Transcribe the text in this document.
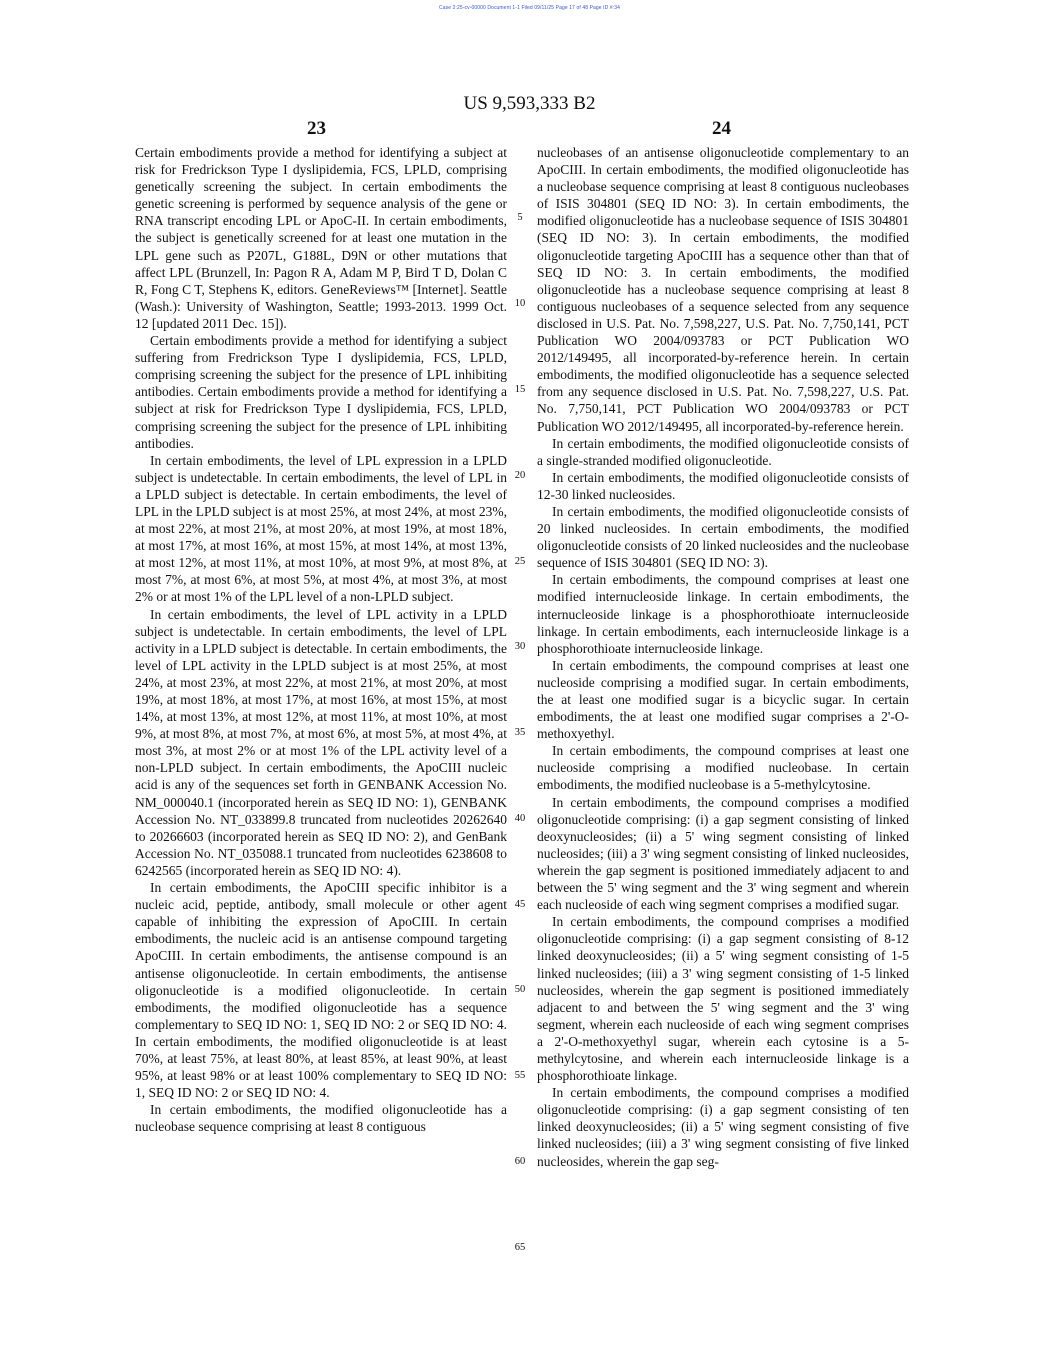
Case 2:25-cv-00000 Document 1-1 Filed 09/11/25 Page 17 of 48 Page ID #:34
US 9,593,333 B2
23	24

Certain embodiments provide a method for identifying a subject at risk for Fredrickson Type I dyslipidemia, FCS, LPLD, comprising genetically screening the subject. In certain embodiments the genetic screening is performed by sequence analysis of the gene or RNA transcript encoding LPL or ApoC-II. In certain embodiments, the subject is genetically screened for at least one mutation in the LPL gene such as P207L, G188L, D9N or other mutations that affect LPL (Brunzell, In: Pagon R A, Adam M P, Bird T D, Dolan C R, Fong C T, Stephens K, editors. GeneReviews™ [Internet]. Seattle (Wash.): University of Washington, Seattle; 1993-2013. 1999 Oct. 12 [updated 2011 Dec. 15]).

Certain embodiments provide a method for identifying a subject suffering from Fredrickson Type I dyslipidemia, FCS, LPLD, comprising screening the subject for the presence of LPL inhibiting antibodies. Certain embodiments provide a method for identifying a subject at risk for Fredrickson Type I dyslipidemia, FCS, LPLD, comprising screening the subject for the presence of LPL inhibiting antibodies.

In certain embodiments, the level of LPL expression in a LPLD subject is undetectable. In certain embodiments, the level of LPL in a LPLD subject is detectable. In certain embodiments, the level of LPL in the LPLD subject is at most 25%, at most 24%, at most 23%, at most 22%, at most 21%, at most 20%, at most 19%, at most 18%, at most 17%, at most 16%, at most 15%, at most 14%, at most 13%, at most 12%, at most 11%, at most 10%, at most 9%, at most 8%, at most 7%, at most 6%, at most 5%, at most 4%, at most 3%, at most 2% or at most 1% of the LPL level of a non-LPLD subject.

In certain embodiments, the level of LPL activity in a LPLD subject is undetectable. In certain embodiments, the level of LPL activity in a LPLD subject is detectable. In certain embodiments, the level of LPL activity in the LPLD subject is at most 25%, at most 24%, at most 23%, at most 22%, at most 21%, at most 20%, at most 19%, at most 18%, at most 17%, at most 16%, at most 15%, at most 14%, at most 13%, at most 12%, at most 11%, at most 10%, at most 9%, at most 8%, at most 7%, at most 6%, at most 5%, at most 4%, at most 3%, at most 2% or at most 1% of the LPL activity level of a non-LPLD subject. In certain embodiments, the ApoCIII nucleic acid is any of the sequences set forth in GENBANK Accession No. NM_000040.1 (incorporated herein as SEQ ID NO: 1), GENBANK Accession No. NT_033899.8 truncated from nucleotides 20262640 to 20266603 (incorporated herein as SEQ ID NO: 2), and GenBank Accession No. NT_035088.1 truncated from nucleotides 6238608 to 6242565 (incorporated herein as SEQ ID NO: 4).

In certain embodiments, the ApoCIII specific inhibitor is a nucleic acid, peptide, antibody, small molecule or other agent capable of inhibiting the expression of ApoCIII. In certain embodiments, the nucleic acid is an antisense compound targeting ApoCIII. In certain embodiments, the antisense compound is an antisense oligonucleotide. In certain embodiments, the antisense oligonucleotide is a modified oligonucleotide. In certain embodiments, the modified oligonucleotide has a sequence complementary to SEQ ID NO: 1, SEQ ID NO: 2 or SEQ ID NO: 4. In certain embodiments, the modified oligonucleotide is at least 70%, at least 75%, at least 80%, at least 85%, at least 90%, at least 95%, at least 98% or at least 100% complementary to SEQ ID NO: 1, SEQ ID NO: 2 or SEQ ID NO: 4.

In certain embodiments, the modified oligonucleotide has a nucleobase sequence comprising at least 8 contiguous

5
10
15
20
25
30
35
40
45
50
55
60
65

nucleobases of an antisense oligonucleotide complementary to an ApoCIII. In certain embodiments, the modified oligonucleotide has a nucleobase sequence comprising at least 8 contiguous nucleobases of ISIS 304801 (SEQ ID NO: 3). In certain embodiments, the modified oligonucleotide has a nucleobase sequence of ISIS 304801 (SEQ ID NO: 3). In certain embodiments, the modified oligonucleotide targeting ApoCIII has a sequence other than that of SEQ ID NO: 3. In certain embodiments, the modified oligonucleotide has a nucleobase sequence comprising at least 8 contiguous nucleobases of a sequence selected from any sequence disclosed in U.S. Pat. No. 7,598,227, U.S. Pat. No. 7,750,141, PCT Publication WO 2004/093783 or PCT Publication WO 2012/149495, all incorporated-by-reference herein. In certain embodiments, the modified oligonucleotide has a sequence selected from any sequence disclosed in U.S. Pat. No. 7,598,227, U.S. Pat. No. 7,750,141, PCT Publication WO 2004/093783 or PCT Publication WO 2012/149495, all incorporated-by-reference herein.

In certain embodiments, the modified oligonucleotide consists of a single-stranded modified oligonucleotide.

In certain embodiments, the modified oligonucleotide consists of 12-30 linked nucleosides.

In certain embodiments, the modified oligonucleotide consists of 20 linked nucleosides. In certain embodiments, the modified oligonucleotide consists of 20 linked nucleosides and the nucleobase sequence of ISIS 304801 (SEQ ID NO: 3).

In certain embodiments, the compound comprises at least one modified internucleoside linkage. In certain embodiments, the internucleoside linkage is a phosphorothioate internucleoside linkage. In certain embodiments, each internucleoside linkage is a phosphorothioate internucleoside linkage.

In certain embodiments, the compound comprises at least one nucleoside comprising a modified sugar. In certain embodiments, the at least one modified sugar is a bicyclic sugar. In certain embodiments, the at least one modified sugar comprises a 2'-O-methoxyethyl.

In certain embodiments, the compound comprises at least one nucleoside comprising a modified nucleobase. In certain embodiments, the modified nucleobase is a 5-methylcytosine.

In certain embodiments, the compound comprises a modified oligonucleotide comprising: (i) a gap segment consisting of linked deoxynucleosides; (ii) a 5' wing segment consisting of linked nucleosides; (iii) a 3' wing segment consisting of linked nucleosides, wherein the gap segment is positioned immediately adjacent to and between the 5' wing segment and the 3' wing segment and wherein each nucleoside of each wing segment comprises a modified sugar.

In certain embodiments, the compound comprises a modified oligonucleotide comprising: (i) a gap segment consisting of 8-12 linked deoxynucleosides; (ii) a 5' wing segment consisting of 1-5 linked nucleosides; (iii) a 3' wing segment consisting of 1-5 linked nucleosides, wherein the gap segment is positioned immediately adjacent to and between the 5' wing segment and the 3' wing segment, wherein each nucleoside of each wing segment comprises a 2'-O-methoxyethyl sugar, wherein each cytosine is a 5-methylcytosine, and wherein each internucleoside linkage is a phosphorothioate linkage.

In certain embodiments, the compound comprises a modified oligonucleotide comprising: (i) a gap segment consisting of ten linked deoxynucleosides; (ii) a 5' wing segment consisting of five linked nucleosides; (iii) a 3' wing segment consisting of five linked nucleosides, wherein the gap seg-
